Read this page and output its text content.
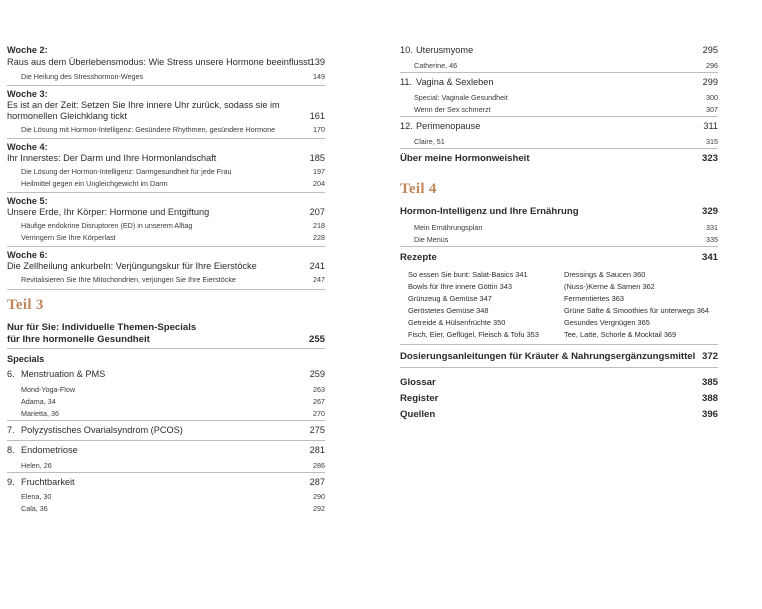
Woche 2:
Raus aus dem Überlebensmodus: Wie Stress unsere Hormone beeinflusst 139
Die Heilung des Stresshormon-Weges	149
Woche 3:
Es ist an der Zeit: Setzen Sie Ihre innere Uhr zurück, sodass sie im
hormonellen Gleichklang tickt	161
Die Lösung mit Hormon-Intelligenz: Gesündere Rhythmen, gesündere Hormone	170
Woche 4:
Ihr Innerstes: Der Darm und Ihre Hormonlandschaft	185
Die Lösung der Hormon-Intelligenz: Darmgesundheit für jede Frau	197
Heilmittel gegen ein Ungleichgewicht im Darm	204
Woche 5:
Unsere Erde, Ihr Körper: Hormone und Entgiftung	207
Häufige endokrine Disruptoren (ED) in unserem Alltag	218
Verringern Sie Ihre Körperlast	228
Woche 6:
Die Zellheilung ankurbeln: Verjüngungskur für Ihre Eierstöcke	241
Revitalisieren Sie Ihre Mitochondrien, verjüngen Sie Ihre Eierstöcke	247
Teil 3
Nur für Sie: Individuelle Themen-Specials
für Ihre hormonelle Gesundheit	255
Specials
6. Menstruation & PMS	259
Mond-Yoga-Flow	263
Adama, 34	267
Marietta, 36	270
7. Polyzystisches Ovarialsyndrom (PCOS)	275
8. Endometriose	281
Helen, 26	286
9. Fruchtbarkeit	287
Elena, 30	290
Cala, 36	292
10. Uterusmyome	295
Catherine, 46	296
11. Vagina & Sexleben	299
Special: Vaginale Gesundheit	300
Wenn der Sex schmerzt	307
12. Perimenopause	311
Claire, 51	315
Über meine Hormonweisheit	323
Teil 4
Hormon-Intelligenz und Ihre Ernährung	329
Mein Ernährungsplan	331
Die Menüs	335
Rezepte	341
So essen Sie bunt: Salat-Basics 341
Bowls für Ihre innere Göttin 343
Grünzeug & Gemüse 347
Geröstetes Gemüse 348
Getreide & Hülsenfrüchte 350
Fisch, Eier, Geflügel, Fleisch & Tofu 353
Dressings & Saucen 360
(Nuss-)Kerne & Samen 362
Fermentiertes 363
Grüne Säfte & Smoothies für unterwegs 364
Gesundes Vergnügen 365
Tee, Latte, Schorle & Mocktail 369
Dosierungsanleitungen für Kräuter & Nahrungsergänzungsmittel 372
Glossar	385
Register	388
Quellen	396
